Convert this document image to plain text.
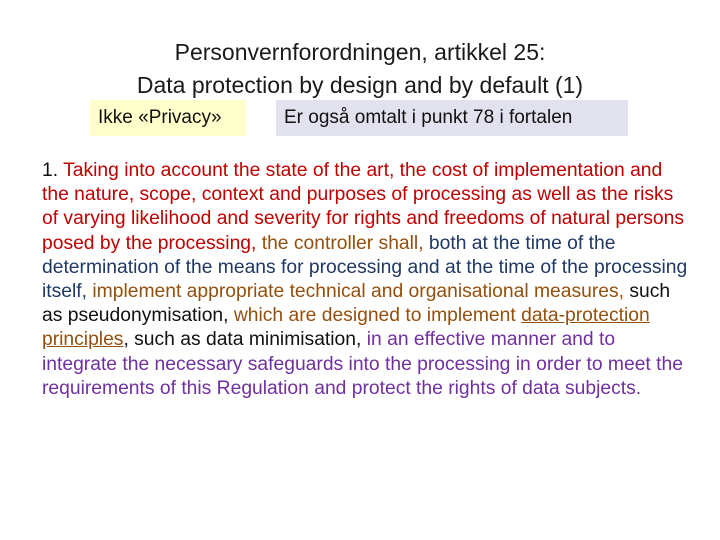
Personvernforordningen, artikkel 25:
Data protection by design and by default (1)
Ikke «Privacy»	Er også omtalt i punkt 78 i fortalen
1. Taking into account the state of the art, the cost of implementation and the nature, scope, context and purposes of processing as well as the risks of varying likelihood and severity for rights and freedoms of natural persons posed by the processing, the controller shall, both at the time of the determination of the means for processing and at the time of the processing itself, implement appropriate technical and organisational measures, such as pseudonymisation, which are designed to implement data-protection principles, such as data minimisation, in an effective manner and to integrate the necessary safeguards into the processing in order to meet the requirements of this Regulation and protect the rights of data subjects.
